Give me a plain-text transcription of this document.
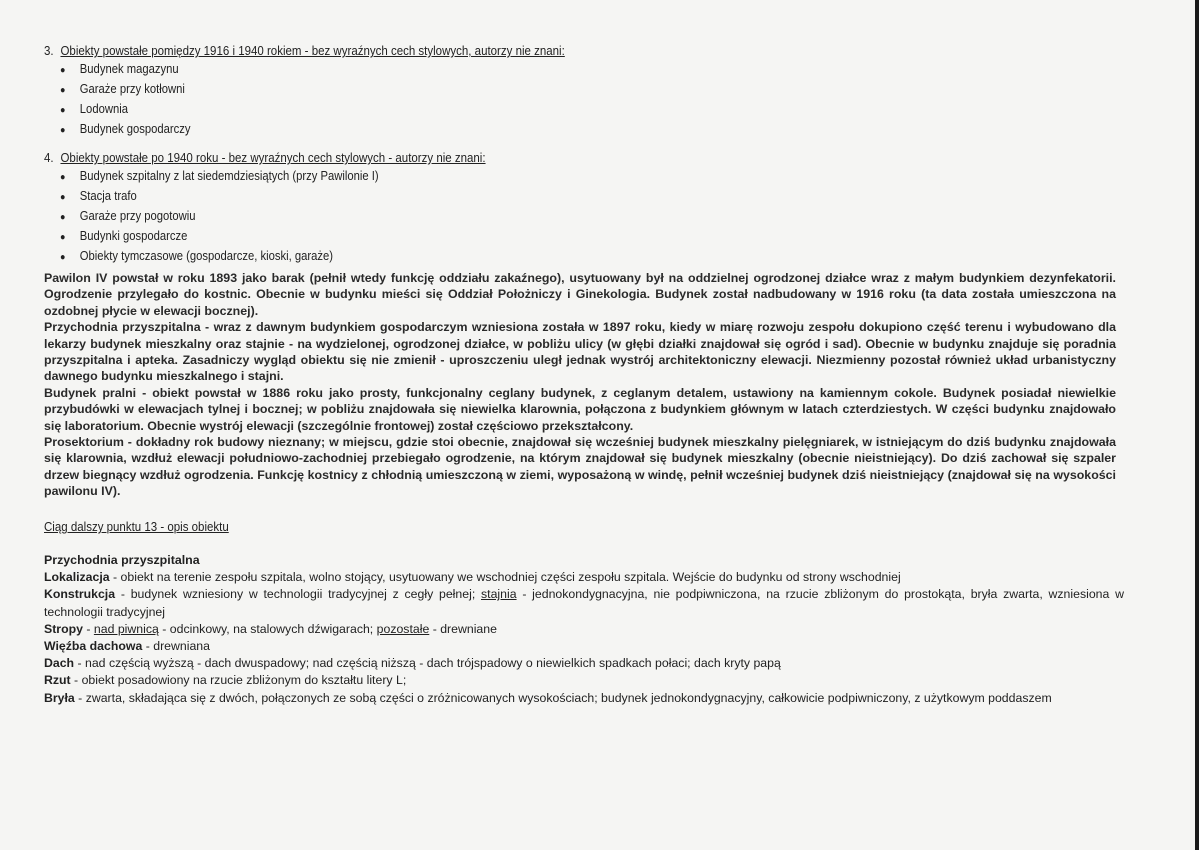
3. Obiekty powstałe pomiędzy 1916 i 1940 rokiem - bez wyraźnych cech stylowych, autorzy nie znani:
● Budynek magazynu
● Garaże przy kotłowni
● Lodownia
● Budynek gospodarczy
4. Obiekty powstałe po 1940 roku - bez wyraźnych cech stylowych - autorzy nie znani:
● Budynek szpitalny z lat siedemdziesiątych (przy Pawilonie I)
● Stacja trafo
● Garaże przy pogotowiu
● Budynki gospodarcze
● Obiekty tymczasowe (gospodarcze, kioski, garaże)

Pawilon IV powstał w roku 1893 jako barak (pełnił wtedy funkcję oddziału zakaźnego), usytuowany był na oddzielnej ogrodzonej działce wraz z małym budynkiem dezynfekatorii. Ogrodzenie przylegało do kostnic. Obecnie w budynku mieści się Oddział Położniczy i Ginekologia. Budynek został nadbudowany w 1916 roku (ta data została umieszczona na ozdobnej płycie w elewacji bocznej).

Przychodnia przyszpitalna - wraz z dawnym budynkiem gospodarczym wzniesiona została w 1897 roku, kiedy w miarę rozwoju zespołu dokupiono część terenu i wybudowano dla lekarzy budynek mieszkalny oraz stajnie - na wydzielonej, ogrodzonej działce, w pobliżu ulicy (w głębi działki znajdował się ogród i sad). Obecnie w budynku znajduje się poradnia przyszpitalna i apteka. Zasadniczy wygląd obiektu się nie zmienił - uproszczeniu uległ jednak wystrój architektoniczny elewacji. Niezmienny pozostał również układ urbanistyczny dawnego budynku mieszkalnego i stajni.

Budynek pralni - obiekt powstał w 1886 roku jako prosty, funkcjonalny ceglany budynek, z ceglanym detalem, ustawiony na kamiennym cokole. Budynek posiadał niewielkie przybudówki w elewacjach tylnej i bocznej; w pobliżu znajdowała się niewielka klarownia, połączona z budynkiem głównym w latach czterdziestych. W części budynku znajdowało się laboratorium. Obecnie wystrój elewacji (szczególnie frontowej) został częściowo przekształcony.

Prosektorium - dokładny rok budowy nieznany; w miejscu, gdzie stoi obecnie, znajdował się wcześniej budynek mieszkalny pielęgniarek, w istniejącym do dziś budynku znajdowała się klarownia, wzdłuż elewacji południowo-zachodniej przebiegało ogrodzenie, na którym znajdował się budynek mieszkalny (obecnie nieistniejący). Do dziś zachował się szpaler drzew biegnący wzdłuż ogrodzenia. Funkcję kostnicy z chłodnią umieszczoną w ziemi, wyposażoną w windę, pełnił wcześniej budynek dziś nieistniejący (znajdował się na wysokości pawilonu IV).

Ciąg dalszy punktu 13 - opis obiektu
Przychodnia przyszpitalna
Lokalizacja - obiekt na terenie zespołu szpitala, wolno stojący, usytuowany we wschodniej części zespołu szpitala. Wejście do budynku od strony wschodniej
Konstrukcja - budynek wzniesiony w technologii tradycyjnej z cegły pełnej; stajnia - jednokondygnacyjna, nie podpiwniczona, na rzucie zbliżonym do prostokąta, bryła zwarta, wzniesiona w technologii tradycyjnej
Stropy - nad piwnicą - odcinkowy, na stalowych dźwigarach; pozostałe - drewniane
Więźba dachowa - drewniana
Dach - nad częścią wyższą - dach dwuspadowy; nad częścią niższą - dach trójspadowy o niewielkich spadkach połaci; dach kryty papą
Rzut - obiekt posadowiony na rzucie zbliżonym do kształtu litery L;
Bryła - zwarta, składająca się z dwóch, połączonych ze sobą części o zróżnicowanych wysokościach; budynek jednokondygnacyjny, całkowicie podpiwniczony, z użytkowym poddaszem
